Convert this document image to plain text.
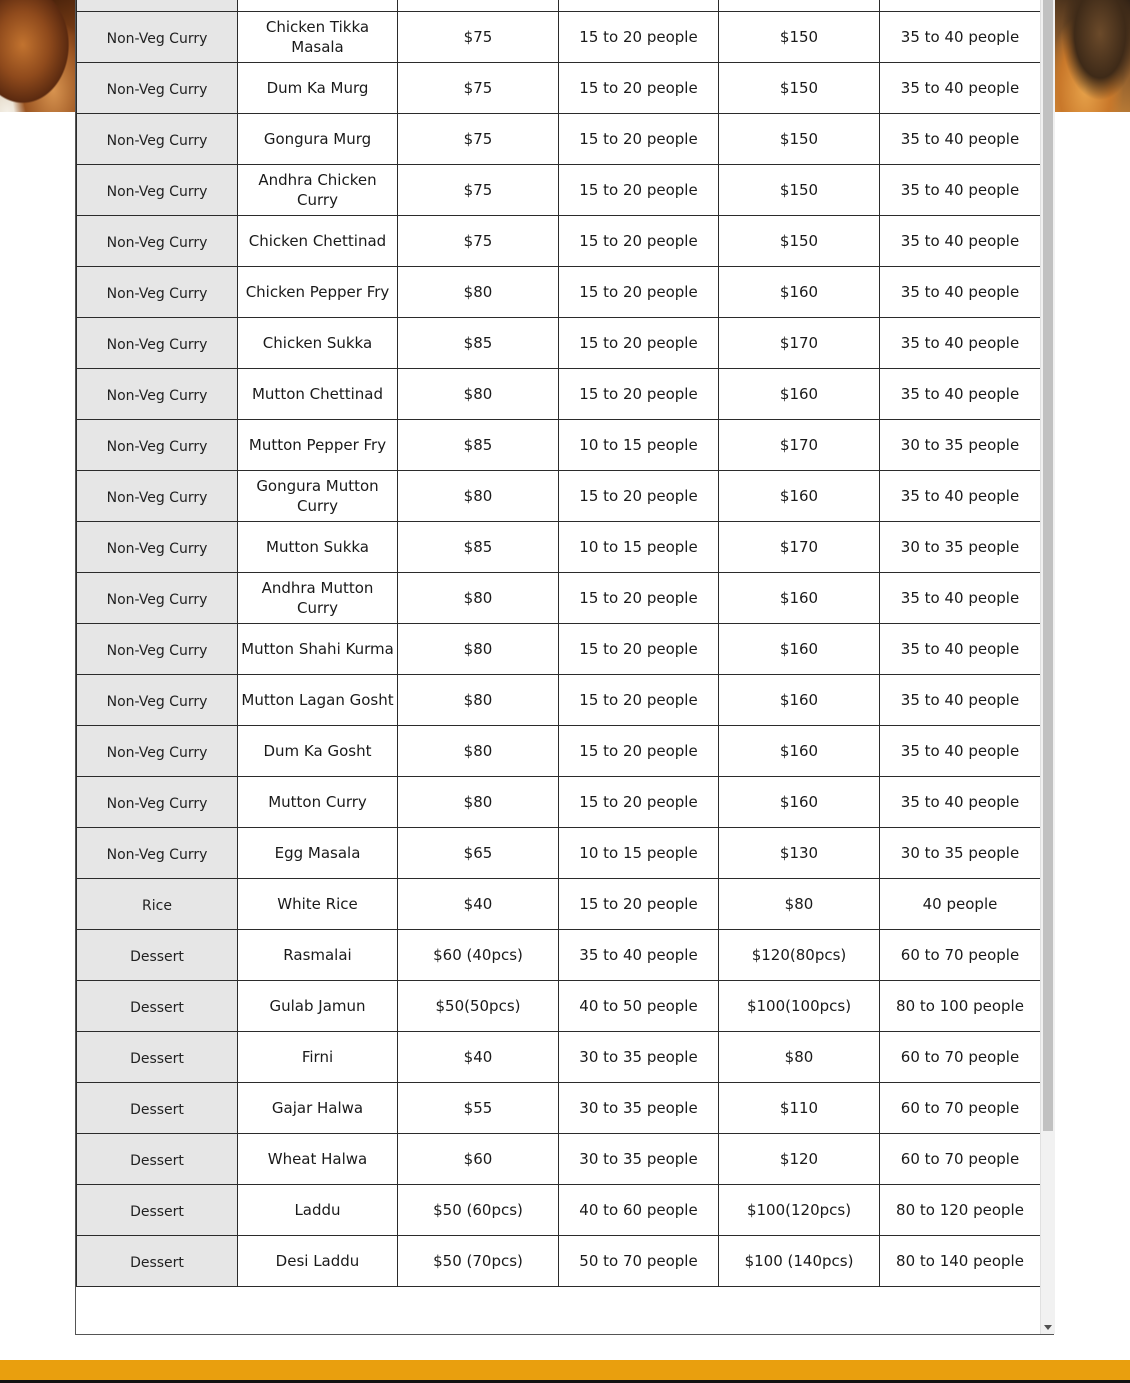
Non-Veg Curry	Chicken Tikka Masala	$75	15 to 20 people	$150	35 to 40 people
Non-Veg Curry	Dum Ka Murg	$75	15 to 20 people	$150	35 to 40 people
Non-Veg Curry	Gongura Murg	$75	15 to 20 people	$150	35 to 40 people
Non-Veg Curry	Andhra Chicken Curry	$75	15 to 20 people	$150	35 to 40 people
Non-Veg Curry	Chicken Chettinad	$75	15 to 20 people	$150	35 to 40 people
Non-Veg Curry	Chicken Pepper Fry	$80	15 to 20 people	$160	35 to 40 people
Non-Veg Curry	Chicken Sukka	$85	15 to 20 people	$170	35 to 40 people
Non-Veg Curry	Mutton Chettinad	$80	15 to 20 people	$160	35 to 40 people
Non-Veg Curry	Mutton Pepper Fry	$85	10 to 15 people	$170	30 to 35 people
Non-Veg Curry	Gongura Mutton Curry	$80	15 to 20 people	$160	35 to 40 people
Non-Veg Curry	Mutton Sukka	$85	10 to 15 people	$170	30 to 35 people
Non-Veg Curry	Andhra Mutton Curry	$80	15 to 20 people	$160	35 to 40 people
Non-Veg Curry	Mutton Shahi Kurma	$80	15 to 20 people	$160	35 to 40 people
Non-Veg Curry	Mutton Lagan Gosht	$80	15 to 20 people	$160	35 to 40 people
Non-Veg Curry	Dum Ka Gosht	$80	15 to 20 people	$160	35 to 40 people
Non-Veg Curry	Mutton Curry	$80	15 to 20 people	$160	35 to 40 people
Non-Veg Curry	Egg Masala	$65	10 to 15 people	$130	30 to 35 people
Rice	White Rice	$40	15 to 20 people	$80	40 people
Dessert	Rasmalai	$60 (40pcs)	35 to 40 people	$120(80pcs)	60 to 70 people
Dessert	Gulab Jamun	$50(50pcs)	40 to 50 people	$100(100pcs)	80 to 100 people
Dessert	Firni	$40	30 to 35 people	$80	60 to 70 people
Dessert	Gajar Halwa	$55	30 to 35 people	$110	60 to 70 people
Dessert	Wheat Halwa	$60	30 to 35 people	$120	60 to 70 people
Dessert	Laddu	$50 (60pcs)	40 to 60 people	$100(120pcs)	80 to 120 people
Dessert	Desi Laddu	$50 (70pcs)	50 to 70 people	$100 (140pcs)	80 to 140 people
